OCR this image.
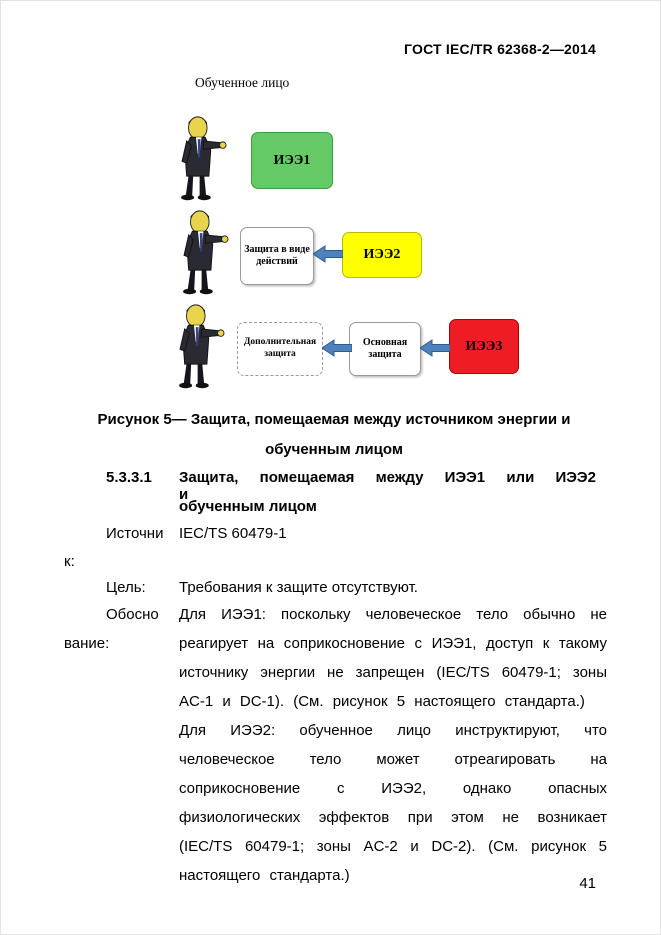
ГОСТ IEC/TR 62368-2—2014
Обученное лицо
ИЭЭ1
Защита в виде действий	ИЭЭ2
Дополнительная защита
Основная защита
ИЭЭ3
Рисунок 5— Защита, помещаемая между источником энергии и
обученным лицом
5.3.3.1 Защита, помещаемая между ИЭЭ1 или ИЭЭ2 и
обученным лицом
Источни IEC/TS 60479-1
к:
Цель: Требования к защите отсутствуют.
Обосно
вание:

Для ИЭЭ1: поскольку человеческое тело обычно не реагирует на соприкосновение с ИЭЭ1, доступ к такому источнику энергии не запрещен (IEC/TS 60479-1; зоны AC-1 и DC-1). (См. рисунок 5 настоящего стандарта.)

Для ИЭЭ2: обученное лицо инструктируют, что человеческое тело может отреагировать на соприкосновение с ИЭЭ2, однако опасных физиологических эффектов при этом не возникает (IEC/TS 60479-1; зоны AC-2 и DC-2). (См. рисунок 5 настоящего стандарта.)	41
